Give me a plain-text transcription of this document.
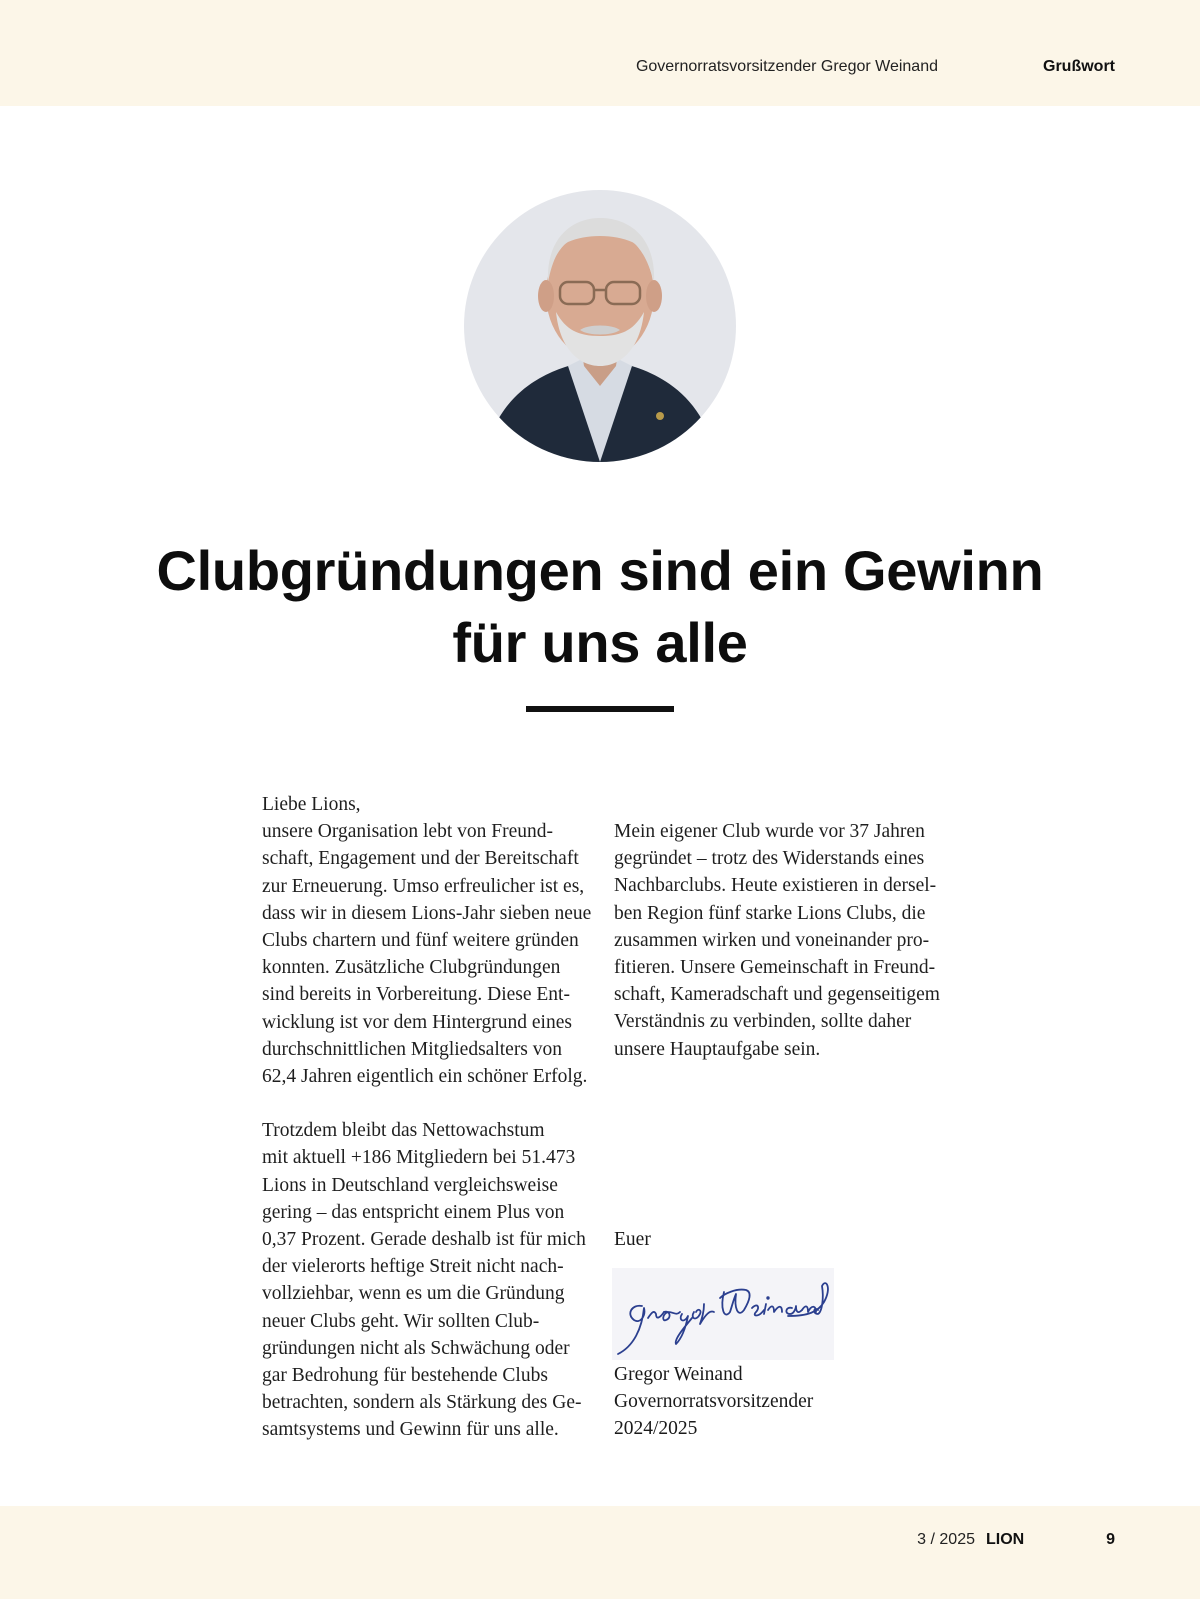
Governorratsvorsitzender Gregor Weinand	Grußwort
Clubgründungen sind ein Gewinn
für uns alle

Liebe Lions,

unsere Organisation lebt von Freund-
schaft, Engagement und der Bereitschaft
zur Erneuerung. Umso erfreulicher ist es,
dass wir in diesem Lions-Jahr sieben neue
Clubs chartern und fünf weitere gründen
konnten. Zusätzliche Clubgründungen
sind bereits in Vorbereitung. Diese Ent-
wicklung ist vor dem Hintergrund eines
durchschnittlichen Mitgliedsalters von
62,4 Jahren eigentlich ein schöner Erfolg.

Trotzdem bleibt das Nettowachstum
mit aktuell +186 Mitgliedern bei 51.473
Lions in Deutschland vergleichsweise
gering – das entspricht einem Plus von
0,37 Prozent. Gerade deshalb ist für mich
der vielerorts heftige Streit nicht nach-
vollziehbar, wenn es um die Gründung
neuer Clubs geht. Wir sollten Club-
gründungen nicht als Schwächung oder
gar Bedrohung für bestehende Clubs
betrachten, sondern als Stärkung des Ge-
samtsystems und Gewinn für uns alle.

Mein eigener Club wurde vor 37 Jahren
gegründet – trotz des Widerstands eines
Nachbarclubs. Heute existieren in dersel-
ben Region fünf starke Lions Clubs, die
zusammen wirken und voneinander pro-
fitieren. Unsere Gemeinschaft in Freund-
schaft, Kameradschaft und gegenseitigem
Verständnis zu verbinden, sollte daher
unsere Hauptaufgabe sein.

Euer
Gregor Weinand
Governorratsvorsitzender
2024/2025
3 / 2025 LION	9
